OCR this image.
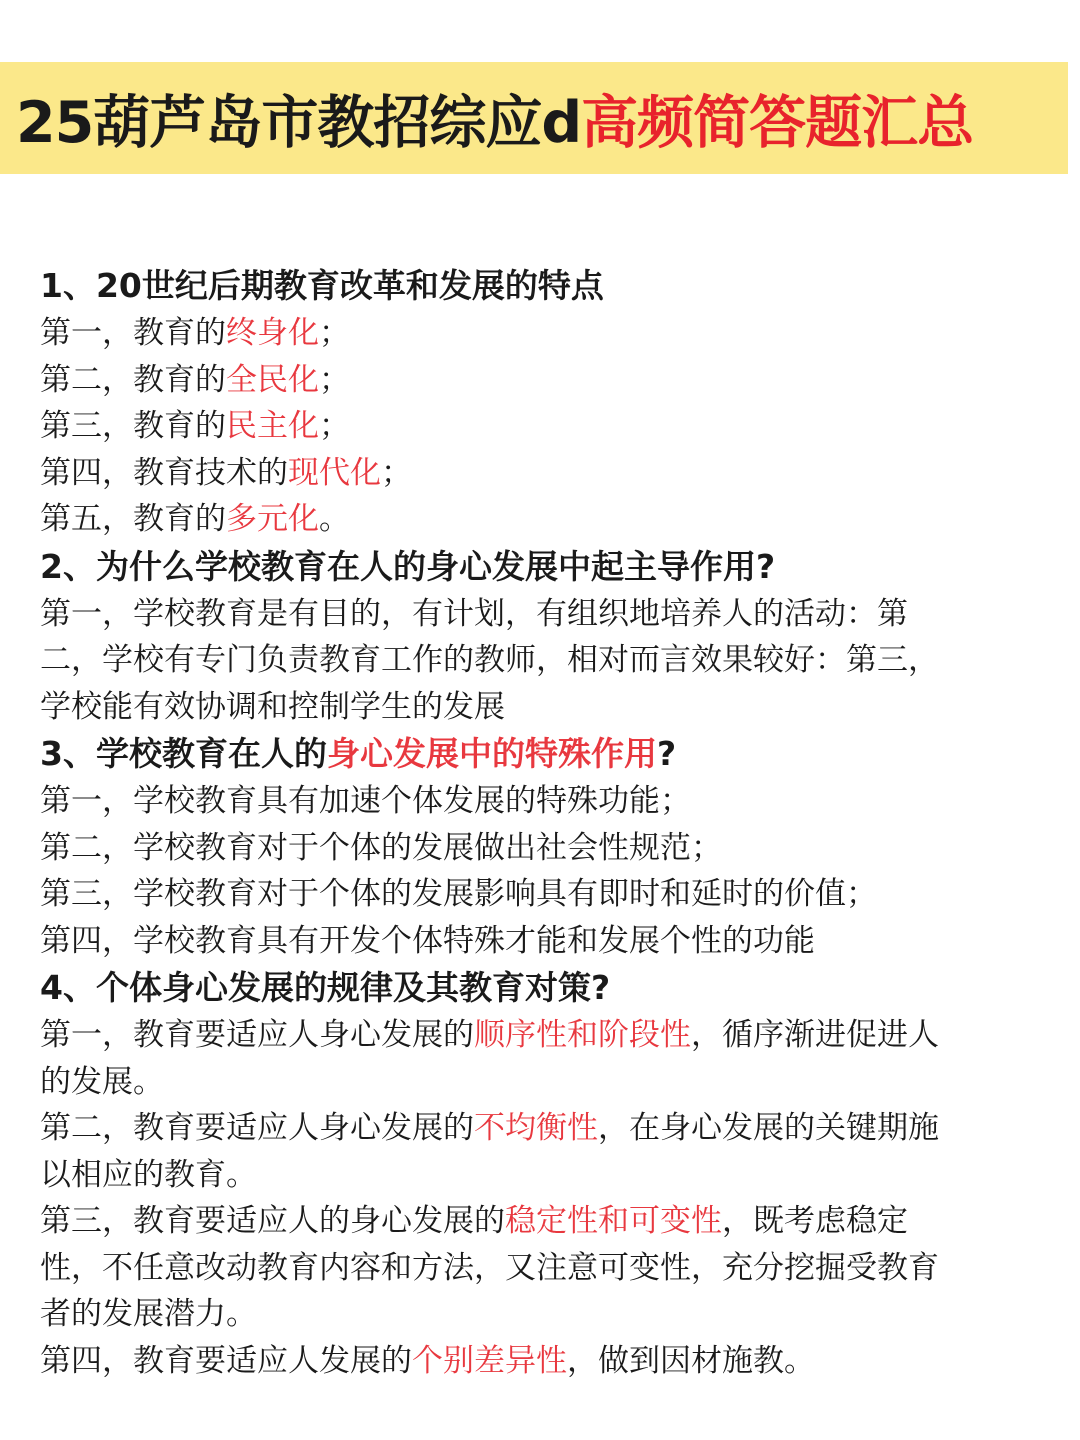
25葫芦岛市教招综应d 高频简答题汇总

1、20世纪后期教育改革和发展的特点

第一，教育的终身化；

第二，教育的全民化；

第三，教育的民主化；

第四，教育技术的现代化；

第五，教育的多元化。

2、为什么学校教育在人的身心发展中起主导作用?

第一，学校教育是有目的，有计划，有组织地培养人的活动：第

二，学校有专门负责教育工作的教师，相对而言效果较好：第三，

学校能有效协调和控制学生的发展

3、学校教育在人的身心发展中的特殊作用?

第一，学校教育具有加速个体发展的特殊功能；

第二，学校教育对于个体的发展做出社会性规范；

第三，学校教育对于个体的发展影响具有即时和延时的价值；

第四，学校教育具有开发个体特殊才能和发展个性的功能

4、个体身心发展的规律及其教育对策?

第一，教育要适应人身心发展的顺序性和阶段性，循序渐进促进人

的发展。

第二，教育要适应人身心发展的不均衡性，在身心发展的关键期施

以相应的教育。

第三，教育要适应人的身心发展的稳定性和可变性，既考虑稳定

性，不任意改动教育内容和方法，又注意可变性，充分挖掘受教育

者的发展潜力。

第四，教育要适应人发展的个别差异性，做到因材施教。
